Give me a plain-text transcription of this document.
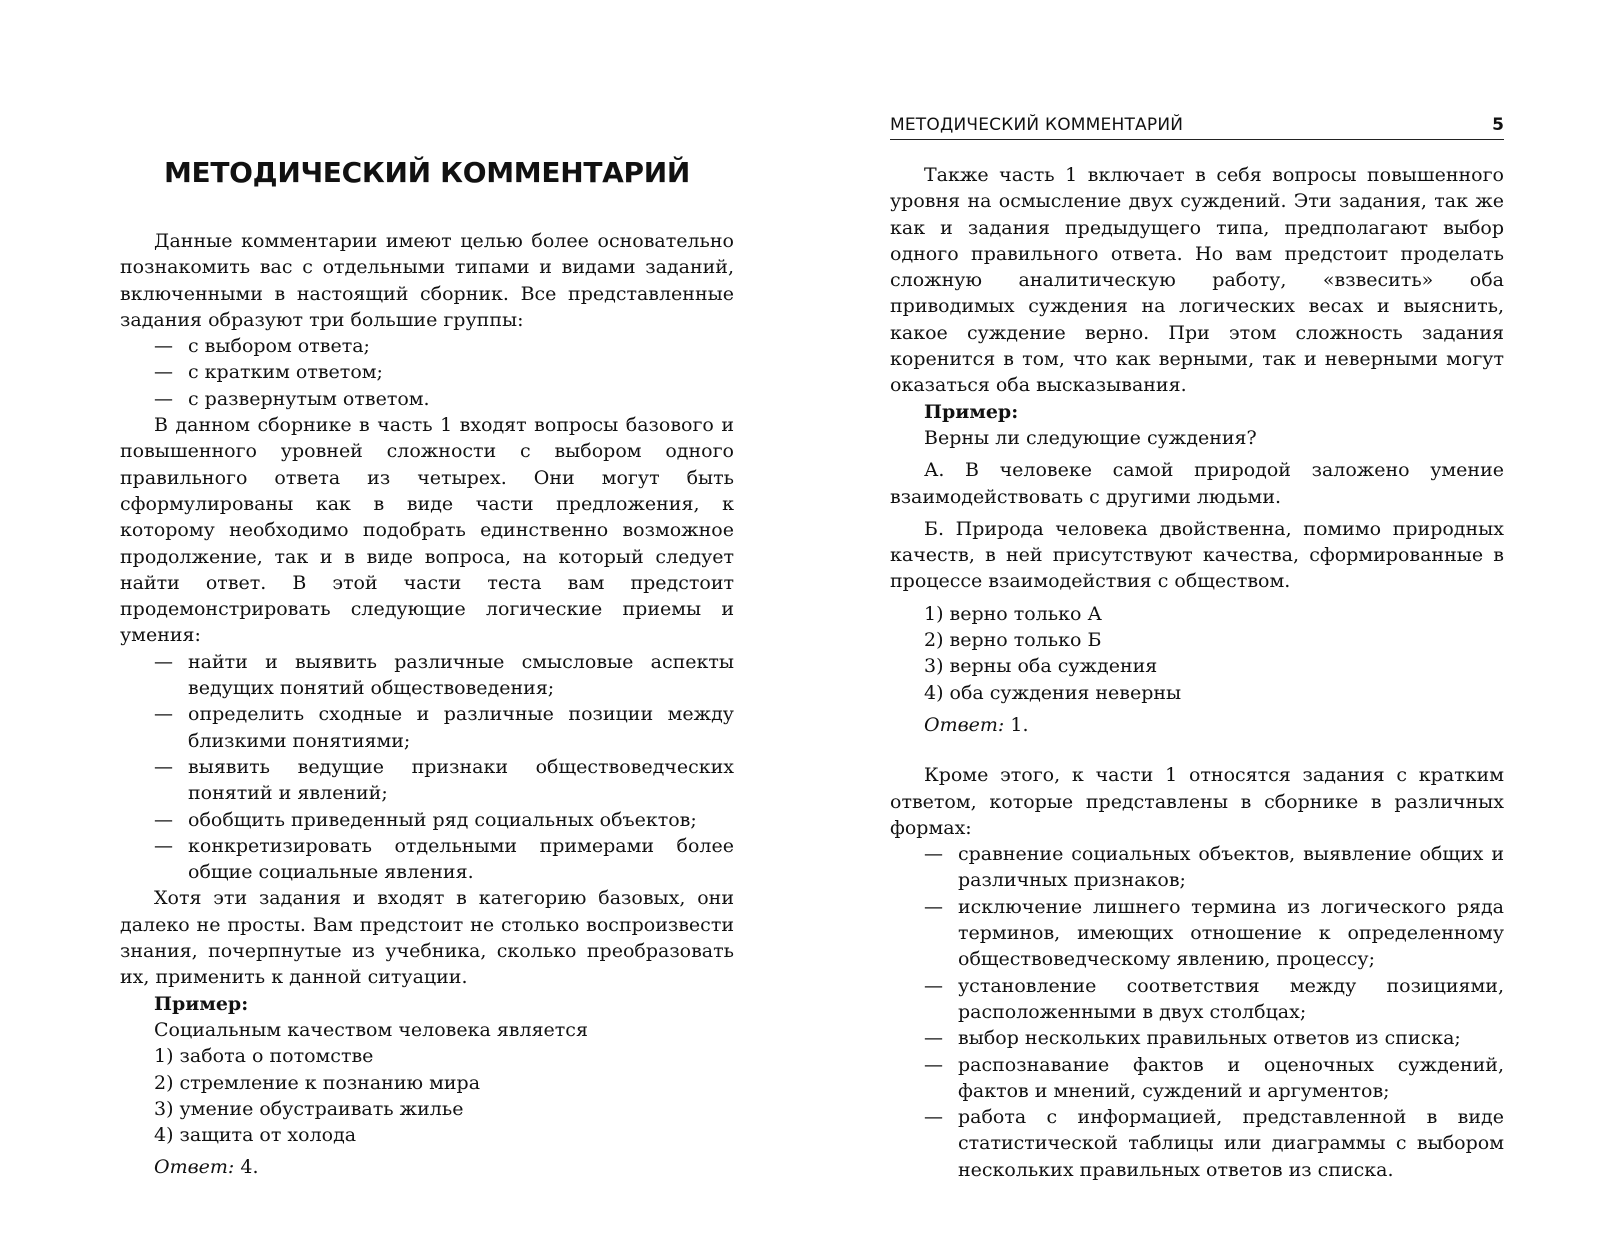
МЕТОДИЧЕСКИЙ КОММЕНТАРИЙ

Данные комментарии имеют целью более основательно познакомить вас с отдельными типами и видами заданий, включенными в настоящий сборник. Все представленные задания образуют три большие группы:

— с выбором ответа;
— с кратким ответом;
— с развернутым ответом.

В данном сборнике в часть 1 входят вопросы базового и повышенного уровней сложности с выбором одного правильного ответа из четырех. Они могут быть сформулированы как в виде части предложения, к которому необходимо подобрать единственно возможное продолжение, так и в виде вопроса, на который следует найти ответ. В этой части теста вам предстоит продемонстрировать следующие логические приемы и умения:

— найти и выявить различные смысловые аспекты ведущих понятий обществоведения;
— определить сходные и различные позиции между близкими понятиями;
— выявить ведущие признаки обществоведческих понятий и явлений;
— обобщить приведенный ряд социальных объектов;
— конкретизировать отдельными примерами более общие социальные явления.

Хотя эти задания и входят в категорию базовых, они далеко не просты. Вам предстоит не столько воспроизвести знания, почерпнутые из учебника, сколько преобразовать их, применить к данной ситуации.

Пример:
Социальным качеством человека является
1) забота о потомстве
2) стремление к познанию мира
3) умение обустраивать жилье
4) защита от холода
Ответ: 4.
МЕТОДИЧЕСКИЙ КОММЕНТАРИЙ	5

Также часть 1 включает в себя вопросы повышенного уровня на осмысление двух суждений. Эти задания, так же как и задания предыдущего типа, предполагают выбор одного правильного ответа. Но вам предстоит проделать сложную аналитическую работу, «взвесить» оба приводимых суждения на логических весах и выяснить, какое суждение верно. При этом сложность задания коренится в том, что как верными, так и неверными могут оказаться оба высказывания.

Пример:
Верны ли следующие суждения?

А. В человеке самой природой заложено умение взаимодействовать с другими людьми.

Б. Природа человека двойственна, помимо природных качеств, в ней присутствуют качества, сформированные в процессе взаимодействия с обществом.

1) верно только А
2) верно только Б
3) верны оба суждения
4) оба суждения неверны
Ответ: 1.

Кроме этого, к части 1 относятся задания с кратким ответом, которые представлены в сборнике в различных формах:

— сравнение социальных объектов, выявление общих и различных признаков;
— исключение лишнего термина из логического ряда терминов, имеющих отношение к определенному обществоведческому явлению, процессу;
— установление соответствия между позициями, расположенными в двух столбцах;
— выбор нескольких правильных ответов из списка;
— распознавание фактов и оценочных суждений, фактов и мнений, суждений и аргументов;
— работа с информацией, представленной в виде статистической таблицы или диаграммы с выбором нескольких правильных ответов из списка.
